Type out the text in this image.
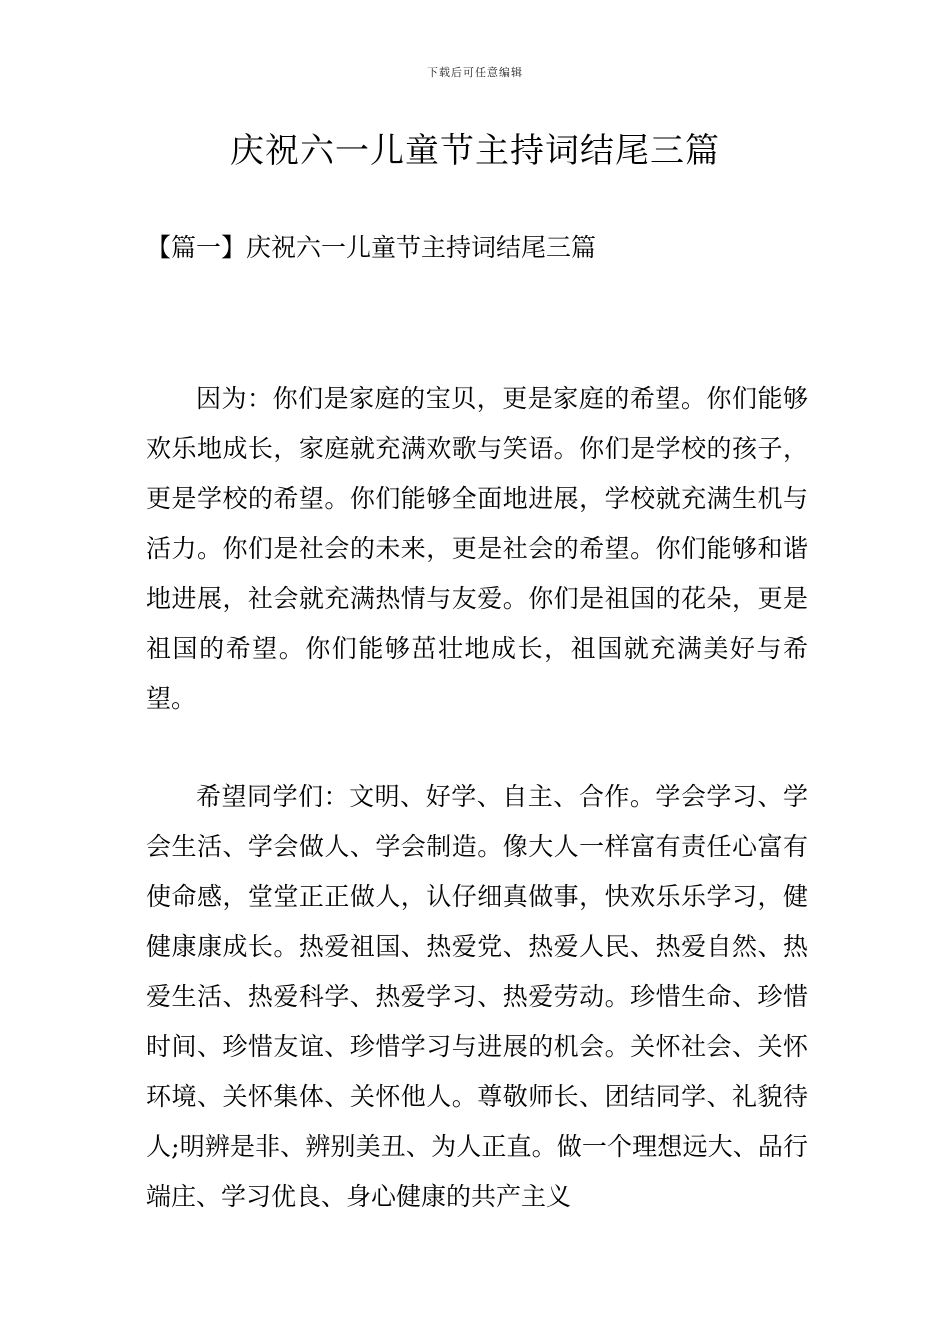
下载后可任意编辑
庆祝六一儿童节主持词结尾三篇
【篇一】庆祝六一儿童节主持词结尾三篇

因为：你们是家庭的宝贝，更是家庭的希望。你们能够欢乐地成长，家庭就充满欢歌与笑语。你们是学校的孩子，更是学校的希望。你们能够全面地进展，学校就充满生机与活力。你们是社会的未来，更是社会的希望。你们能够和谐地进展，社会就充满热情与友爱。你们是祖国的花朵，更是祖国的希望。你们能够茁壮地成长，祖国就充满美好与希望。

希望同学们：文明、好学、自主、合作。学会学习、学会生活、学会做人、学会制造。像大人一样富有责任心富有使命感，堂堂正正做人，认仔细真做事，快欢乐乐学习，健健康康成长。热爱祖国、热爱党、热爱人民、热爱自然、热爱生活、热爱科学、热爱学习、热爱劳动。珍惜生命、珍惜时间、珍惜友谊、珍惜学习与进展的机会。关怀社会、关怀环境、关怀集体、关怀他人。尊敬师长、团结同学、礼貌待人;明辨是非、辨别美丑、为人正直。做一个理想远大、品行端庄、学习优良、身心健康的共产主义
